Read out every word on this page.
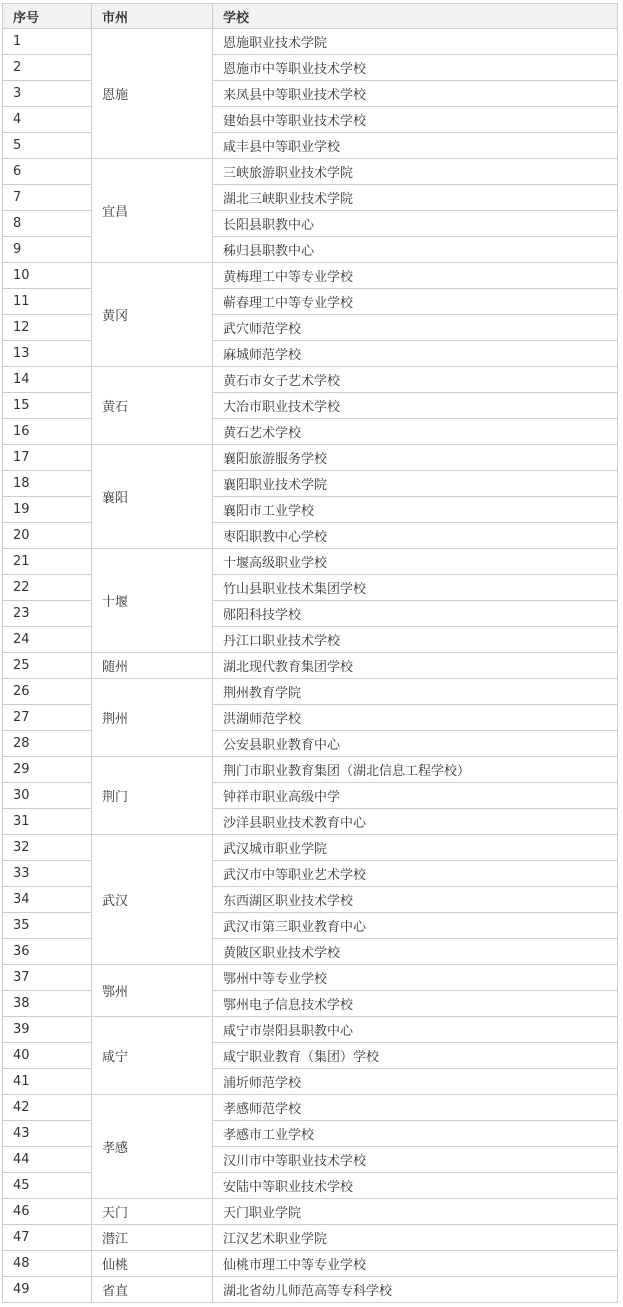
序号	市州	学校
1	恩施	恩施职业技术学院
2		恩施市中等职业技术学校
3		来凤县中等职业技术学校
4		建始县中等职业技术学校
5		咸丰县中等职业学校
6	宜昌	三峡旅游职业技术学院
7		湖北三峡职业技术学院
8		长阳县职教中心
9		秭归县职教中心
10	黄冈	黄梅理工中等专业学校
11		蕲春理工中等专业学校
12		武穴师范学校
13		麻城师范学校
14	黄石	黄石市女子艺术学校
15		大冶市职业技术学校
16		黄石艺术学校
17	襄阳	襄阳旅游服务学校
18		襄阳职业技术学院
19		襄阳市工业学校
20		枣阳职教中心学校
21	十堰	十堰高级职业学校
22		竹山县职业技术集团学校
23		郧阳科技学校
24		丹江口职业技术学校
25	随州	湖北现代教育集团学校
26	荆州	荆州教育学院
27		洪湖师范学校
28		公安县职业教育中心
29	荆门	荆门市职业教育集团（湖北信息工程学校）
30		钟祥市职业高级中学
31		沙洋县职业技术教育中心
32	武汉	武汉城市职业学院
33		武汉市中等职业艺术学校
34		东西湖区职业技术学校
35		武汉市第三职业教育中心
36		黄陂区职业技术学校
37	鄂州	鄂州中等专业学校
38		鄂州电子信息技术学校
39	咸宁	咸宁市崇阳县职教中心
40		咸宁职业教育（集团）学校
41		浦圻师范学校
42	孝感	孝感师范学校
43		孝感市工业学校
44		汉川市中等职业技术学校
45		安陆中等职业技术学校
46	天门	天门职业学院
47	潜江	江汉艺术职业学院
48	仙桃	仙桃市理工中等专业学校
49	省直	湖北省幼儿师范高等专科学校
